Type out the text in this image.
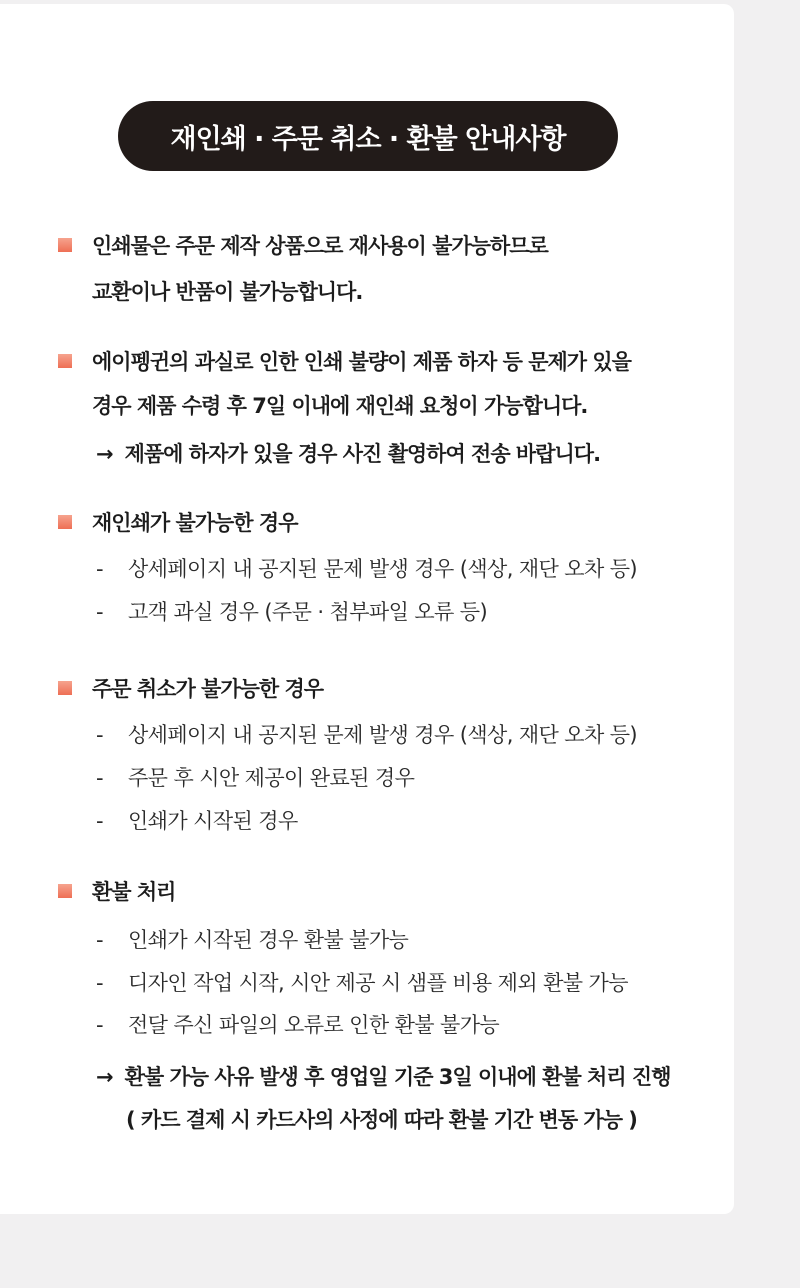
재인쇄 · 주문 취소 · 환불 안내사항
인쇄물은 주문 제작 상품으로 재사용이 불가능하므로
교환이나 반품이 불가능합니다.
에이펭귄의 과실로 인한 인쇄 불량이 제품 하자 등 문제가 있을
경우 제품 수령 후 7일 이내에 재인쇄 요청이 가능합니다.
→ 제품에 하자가 있을 경우 사진 촬영하여 전송 바랍니다.
재인쇄가 불가능한 경우
- 상세페이지 내 공지된 문제 발생 경우 (색상, 재단 오차 등)
- 고객 과실 경우 (주문 · 첨부파일 오류 등)
주문 취소가 불가능한 경우
- 상세페이지 내 공지된 문제 발생 경우 (색상, 재단 오차 등)
- 주문 후 시안 제공이 완료된 경우
- 인쇄가 시작된 경우
환불 처리
- 인쇄가 시작된 경우 환불 불가능
- 디자인 작업 시작, 시안 제공 시 샘플 비용 제외 환불 가능
- 전달 주신 파일의 오류로 인한 환불 불가능
→ 환불 가능 사유 발생 후 영업일 기준 3일 이내에 환불 처리 진행
( 카드 결제 시 카드사의 사정에 따라 환불 기간 변동 가능 )
